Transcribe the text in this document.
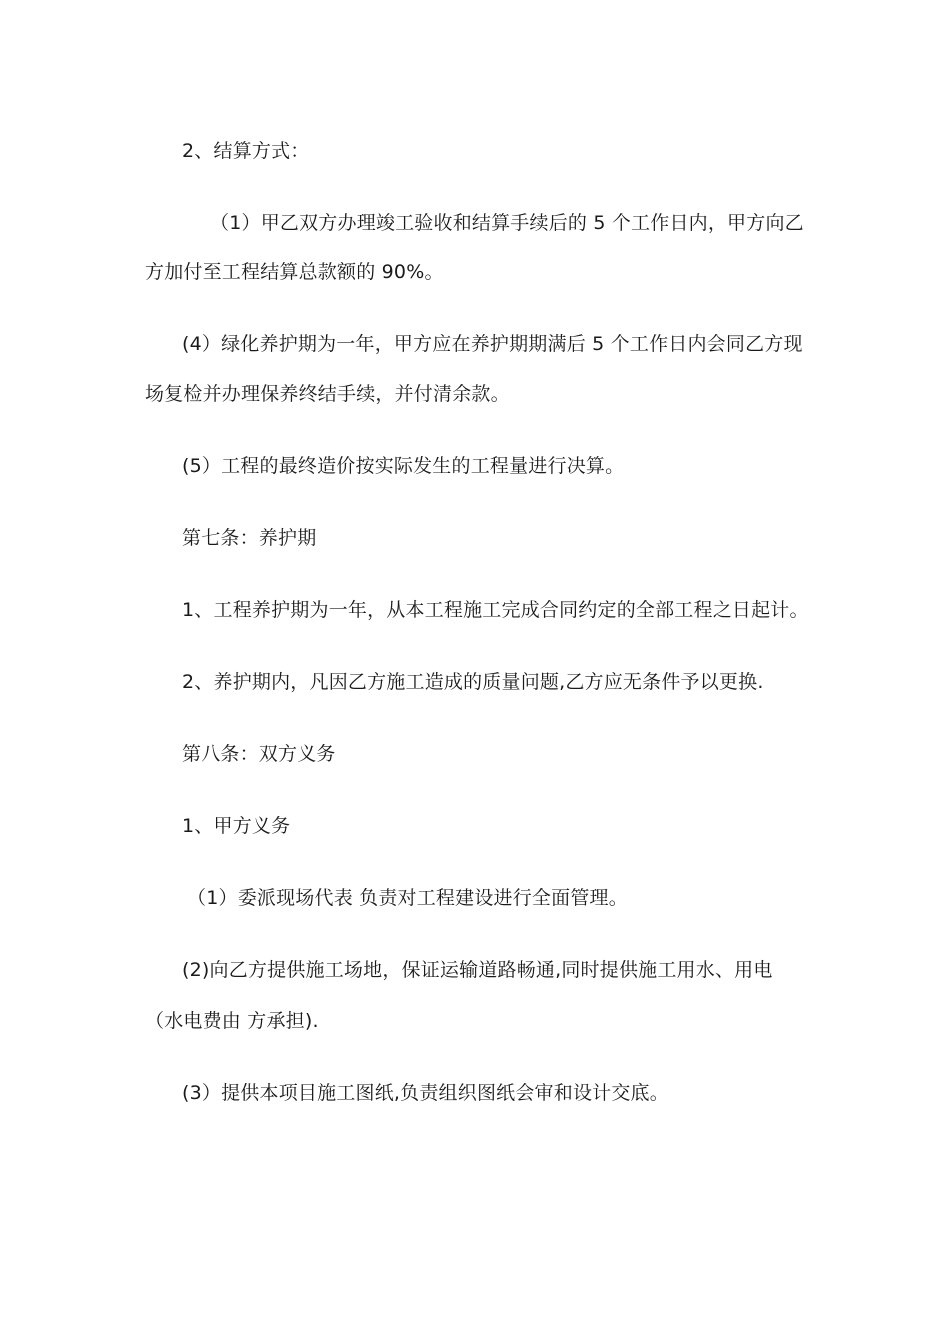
2、结算方式：
（1）甲乙双方办理竣工验收和结算手续后的 5 个工作日内，甲方向乙
方加付至工程结算总款额的 90%。
(4）绿化养护期为一年，甲方应在养护期期满后 5 个工作日内会同乙方现
场复检并办理保养终结手续，并付清余款。
(5）工程的最终造价按实际发生的工程量进行决算。
第七条：养护期
1、工程养护期为一年，从本工程施工完成合同约定的全部工程之日起计。
2、养护期内，凡因乙方施工造成的质量问题,乙方应无条件予以更换.
第八条：双方义务
1、甲方义务
（1）委派现场代表 负责对工程建设进行全面管理。
(2)向乙方提供施工场地，保证运输道路畅通,同时提供施工用水、用电
（水电费由 方承担).
(3）提供本项目施工图纸,负责组织图纸会审和设计交底。
